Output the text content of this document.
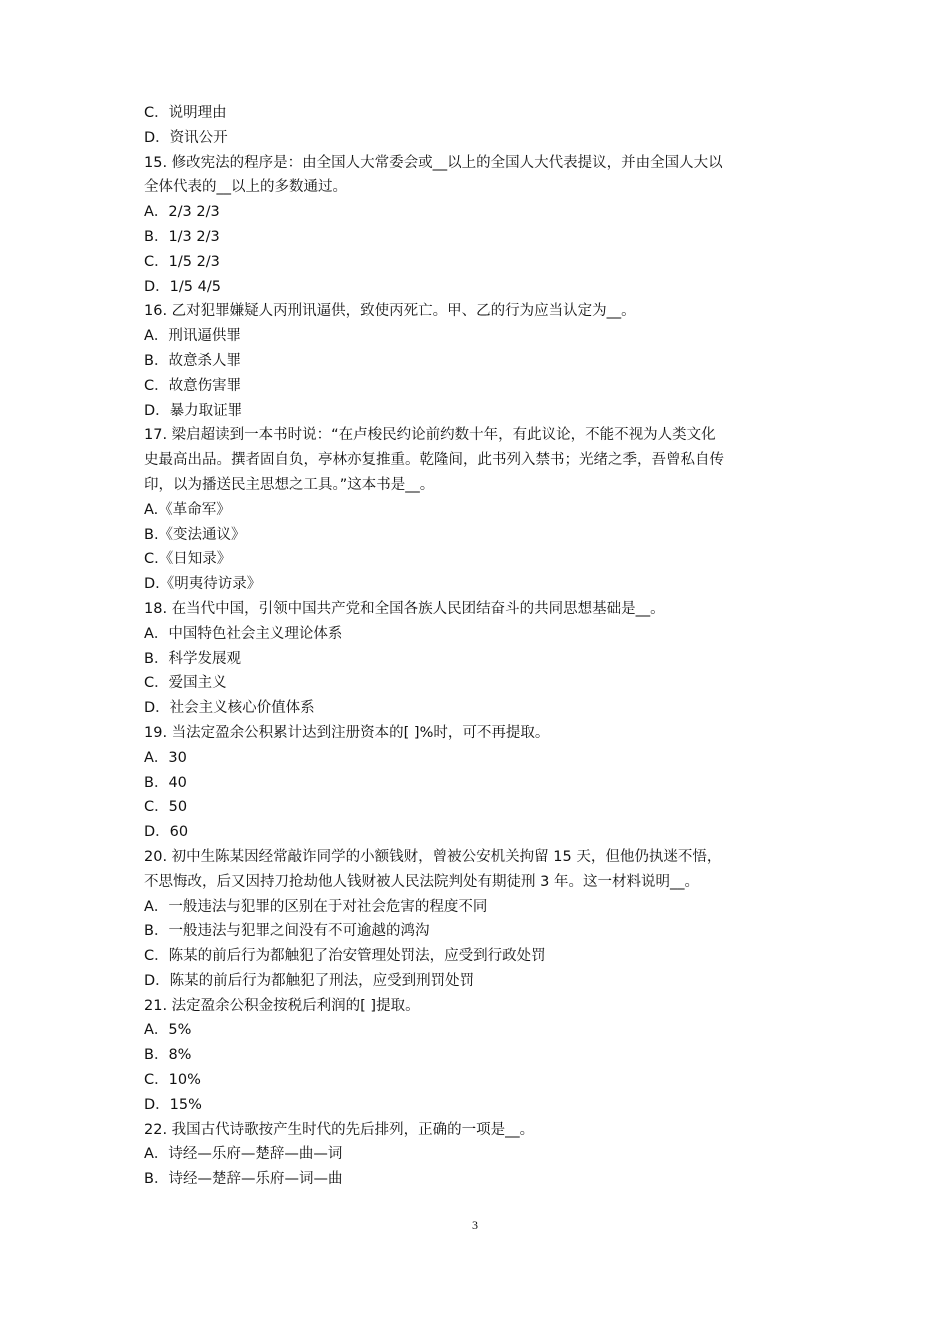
C．说明理由
D．资讯公开
15. 修改宪法的程序是：由全国人大常委会或__以上的全国人大代表提议，并由全国人大以
全体代表的__以上的多数通过。
A．2/3 2/3
B．1/3 2/3
C．1/5 2/3
D．1/5 4/5
16. 乙对犯罪嫌疑人丙刑讯逼供，致使丙死亡。甲、乙的行为应当认定为__。
A．刑讯逼供罪
B．故意杀人罪
C．故意伤害罪
D．暴力取证罪
17. 梁启超读到一本书时说：“在卢梭民约论前约数十年，有此议论，不能不视为人类文化
史最高出品。撰者固自负，亭林亦复推重。乾隆间，此书列入禁书；光绪之季，吾曾私自传
印，以为播送民主思想之工具。”这本书是__。
A.《革命军》
B.《变法通议》
C.《日知录》
D.《明夷待访录》
18. 在当代中国，引领中国共产党和全国各族人民团结奋斗的共同思想基础是__。
A．中国特色社会主义理论体系
B．科学发展观
C．爱国主义
D．社会主义核心价值体系
19. 当法定盈余公积累计达到注册资本的[ ]%时，可不再提取。
A．30
B．40
C．50
D．60
20. 初中生陈某因经常敲诈同学的小额钱财，曾被公安机关拘留 15 天，但他仍执迷不悟，
不思悔改，后又因持刀抢劫他人钱财被人民法院判处有期徒刑 3 年。这一材料说明__。
A．一般违法与犯罪的区别在于对社会危害的程度不同
B．一般违法与犯罪之间没有不可逾越的鸿沟
C．陈某的前后行为都触犯了治安管理处罚法，应受到行政处罚
D．陈某的前后行为都触犯了刑法，应受到刑罚处罚
21. 法定盈余公积金按税后利润的[ ]提取。
A．5%
B．8%
C．10%
D．15%
22. 我国古代诗歌按产生时代的先后排列，正确的一项是__。
A．诗经—乐府—楚辞—曲—词
B．诗经—楚辞—乐府—词—曲
3
